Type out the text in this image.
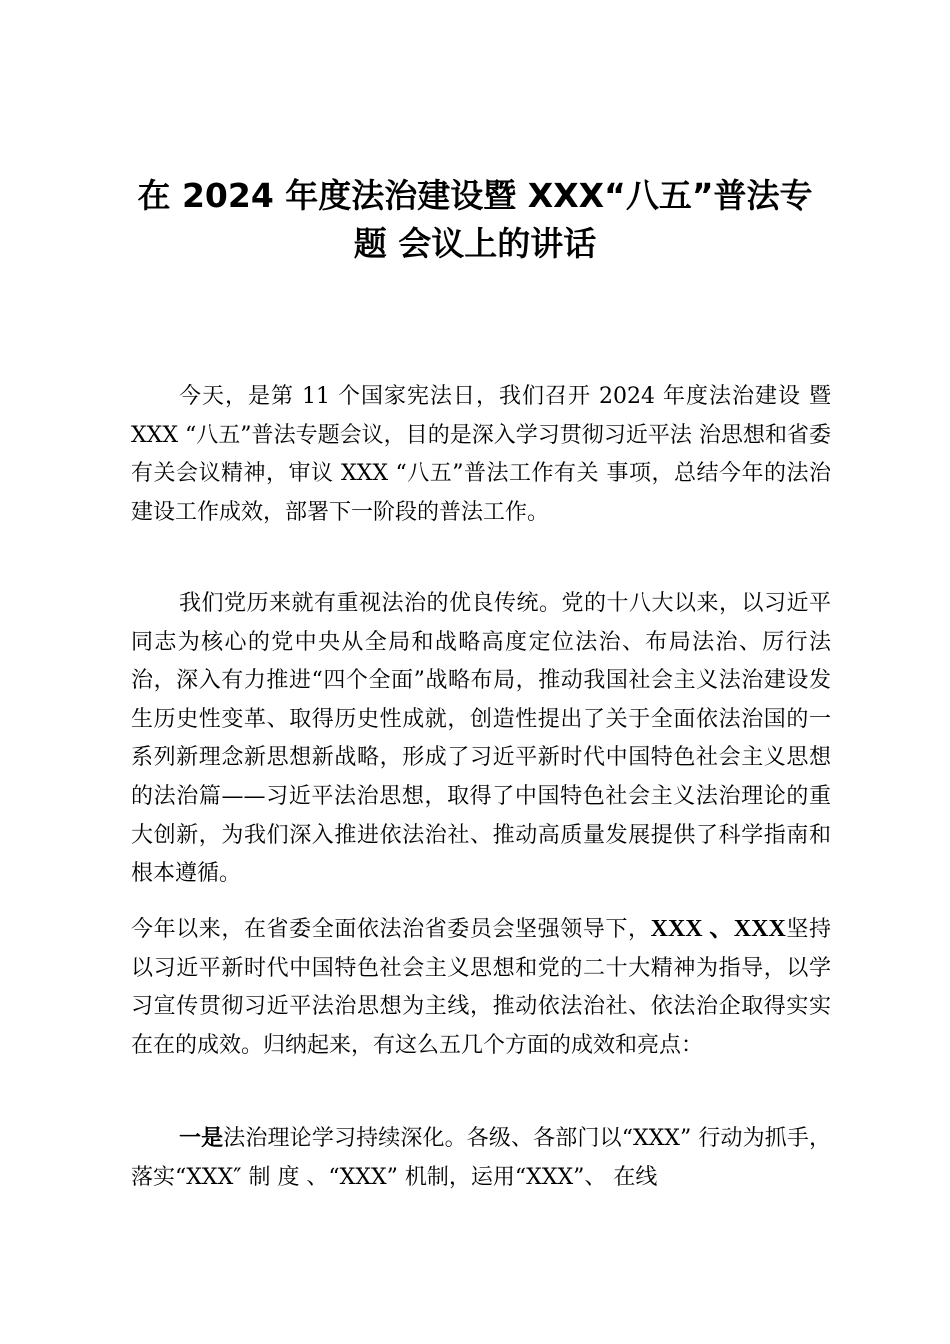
在 2024 年度法治建设暨 XXX“八五”普法专
题 会议上的讲话

今天，是第 11 个国家宪法日，我们召开 2024 年度法治建设 暨 XXX “八五”普法专题会议，目的是深入学习贯彻习近平法 治思想和省委有关会议精神，审议 XXX “八五”普法工作有关 事项，总结今年的法治建设工作成效，部署下一阶段的普法工作。

我们党历来就有重视法治的优良传统。党的十八大以来，以习近平同志为核心的党中央从全局和战略高度定位法治、布局法治、厉行法治，深入有力推进“四个全面”战略布局，推动我国社会主义法治建设发生历史性变革、取得历史性成就，创造性提出了关于全面依法治国的一系列新理念新思想新战略，形成了习近平新时代中国特色社会主义思想的法治篇——习近平法治思想，取得了中国特色社会主义法治理论的重大创新，为我们深入推进依法治社、推动高质量发展提供了科学指南和根本遵循。

今年以来，在省委全面依法治省委员会坚强领导下，XXX 、XXX坚持以习近平新时代中国特色社会主义思想和党的二十大精神为指导，以学习宣传贯彻习近平法治思想为主线，推动依法治社、依法治企取得实实在在的成效。归纳起来，有这么五几个方面的成效和亮点：

一是法治理论学习持续深化。各级、各部门以“XXX” 行动为抓手，落实“XXX″ 制 度 、“XXX” 机制，运用“XXX”、 在线
